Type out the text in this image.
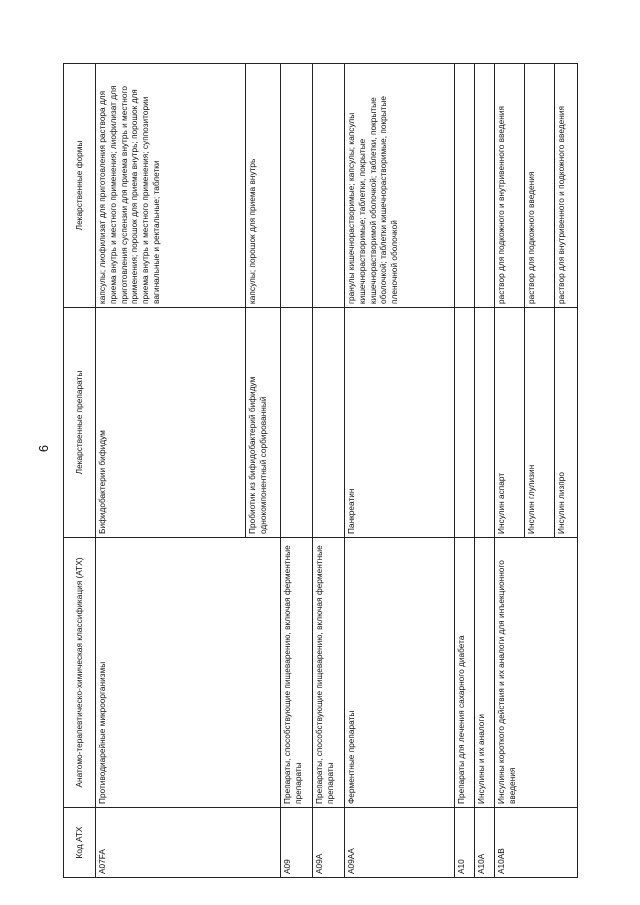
6
Код АТХ	Анатомо-терапевтическо-химическая классификация (АТХ)	Лекарственные препараты	Лекарственные формы
A07FA	Противодиарейные микроорганизмы	Бифидобактерии бифидум	капсулы; лиофилизат для приготовления раствора для приема внутрь и местного применения; лиофилизат для приготовления суспензии для приема внутрь и местного применения; порошок для приема внутрь; порошок для приема внутрь и местного применения; суппозитории вагинальные и ректальные; таблетки
		Пробиотик из бифидобактерий бифидум однокомпонентный сорбированный	капсулы; порошок для приема внутрь
A09	Препараты, способствующие пищеварению, включая ферментные препараты		
A09A	Препараты, способствующие пищеварению, включая ферментные препараты		
A09AA	Ферментные препараты	Панкреатин	гранулы кишечнорастворимые; капсулы; капсулы кишечнорастворимые; таблетки, покрытые кишечнорастворимой оболочкой; таблетки, покрытые оболочкой; таблетки кишечнорастворимые, покрытые пленочной оболочкой
A10	Препараты для лечения сахарного диабета		
A10A	Инсулины и их аналоги		
A10AB	Инсулины короткого действия и их аналоги для инъекционного введения	Инсулин аспарт	раствор для подкожного и внутривенного введения
		Инсулин глулизин	раствор для подкожного введения
		Инсулин лизпро	раствор для внутривенного и подкожного введения
